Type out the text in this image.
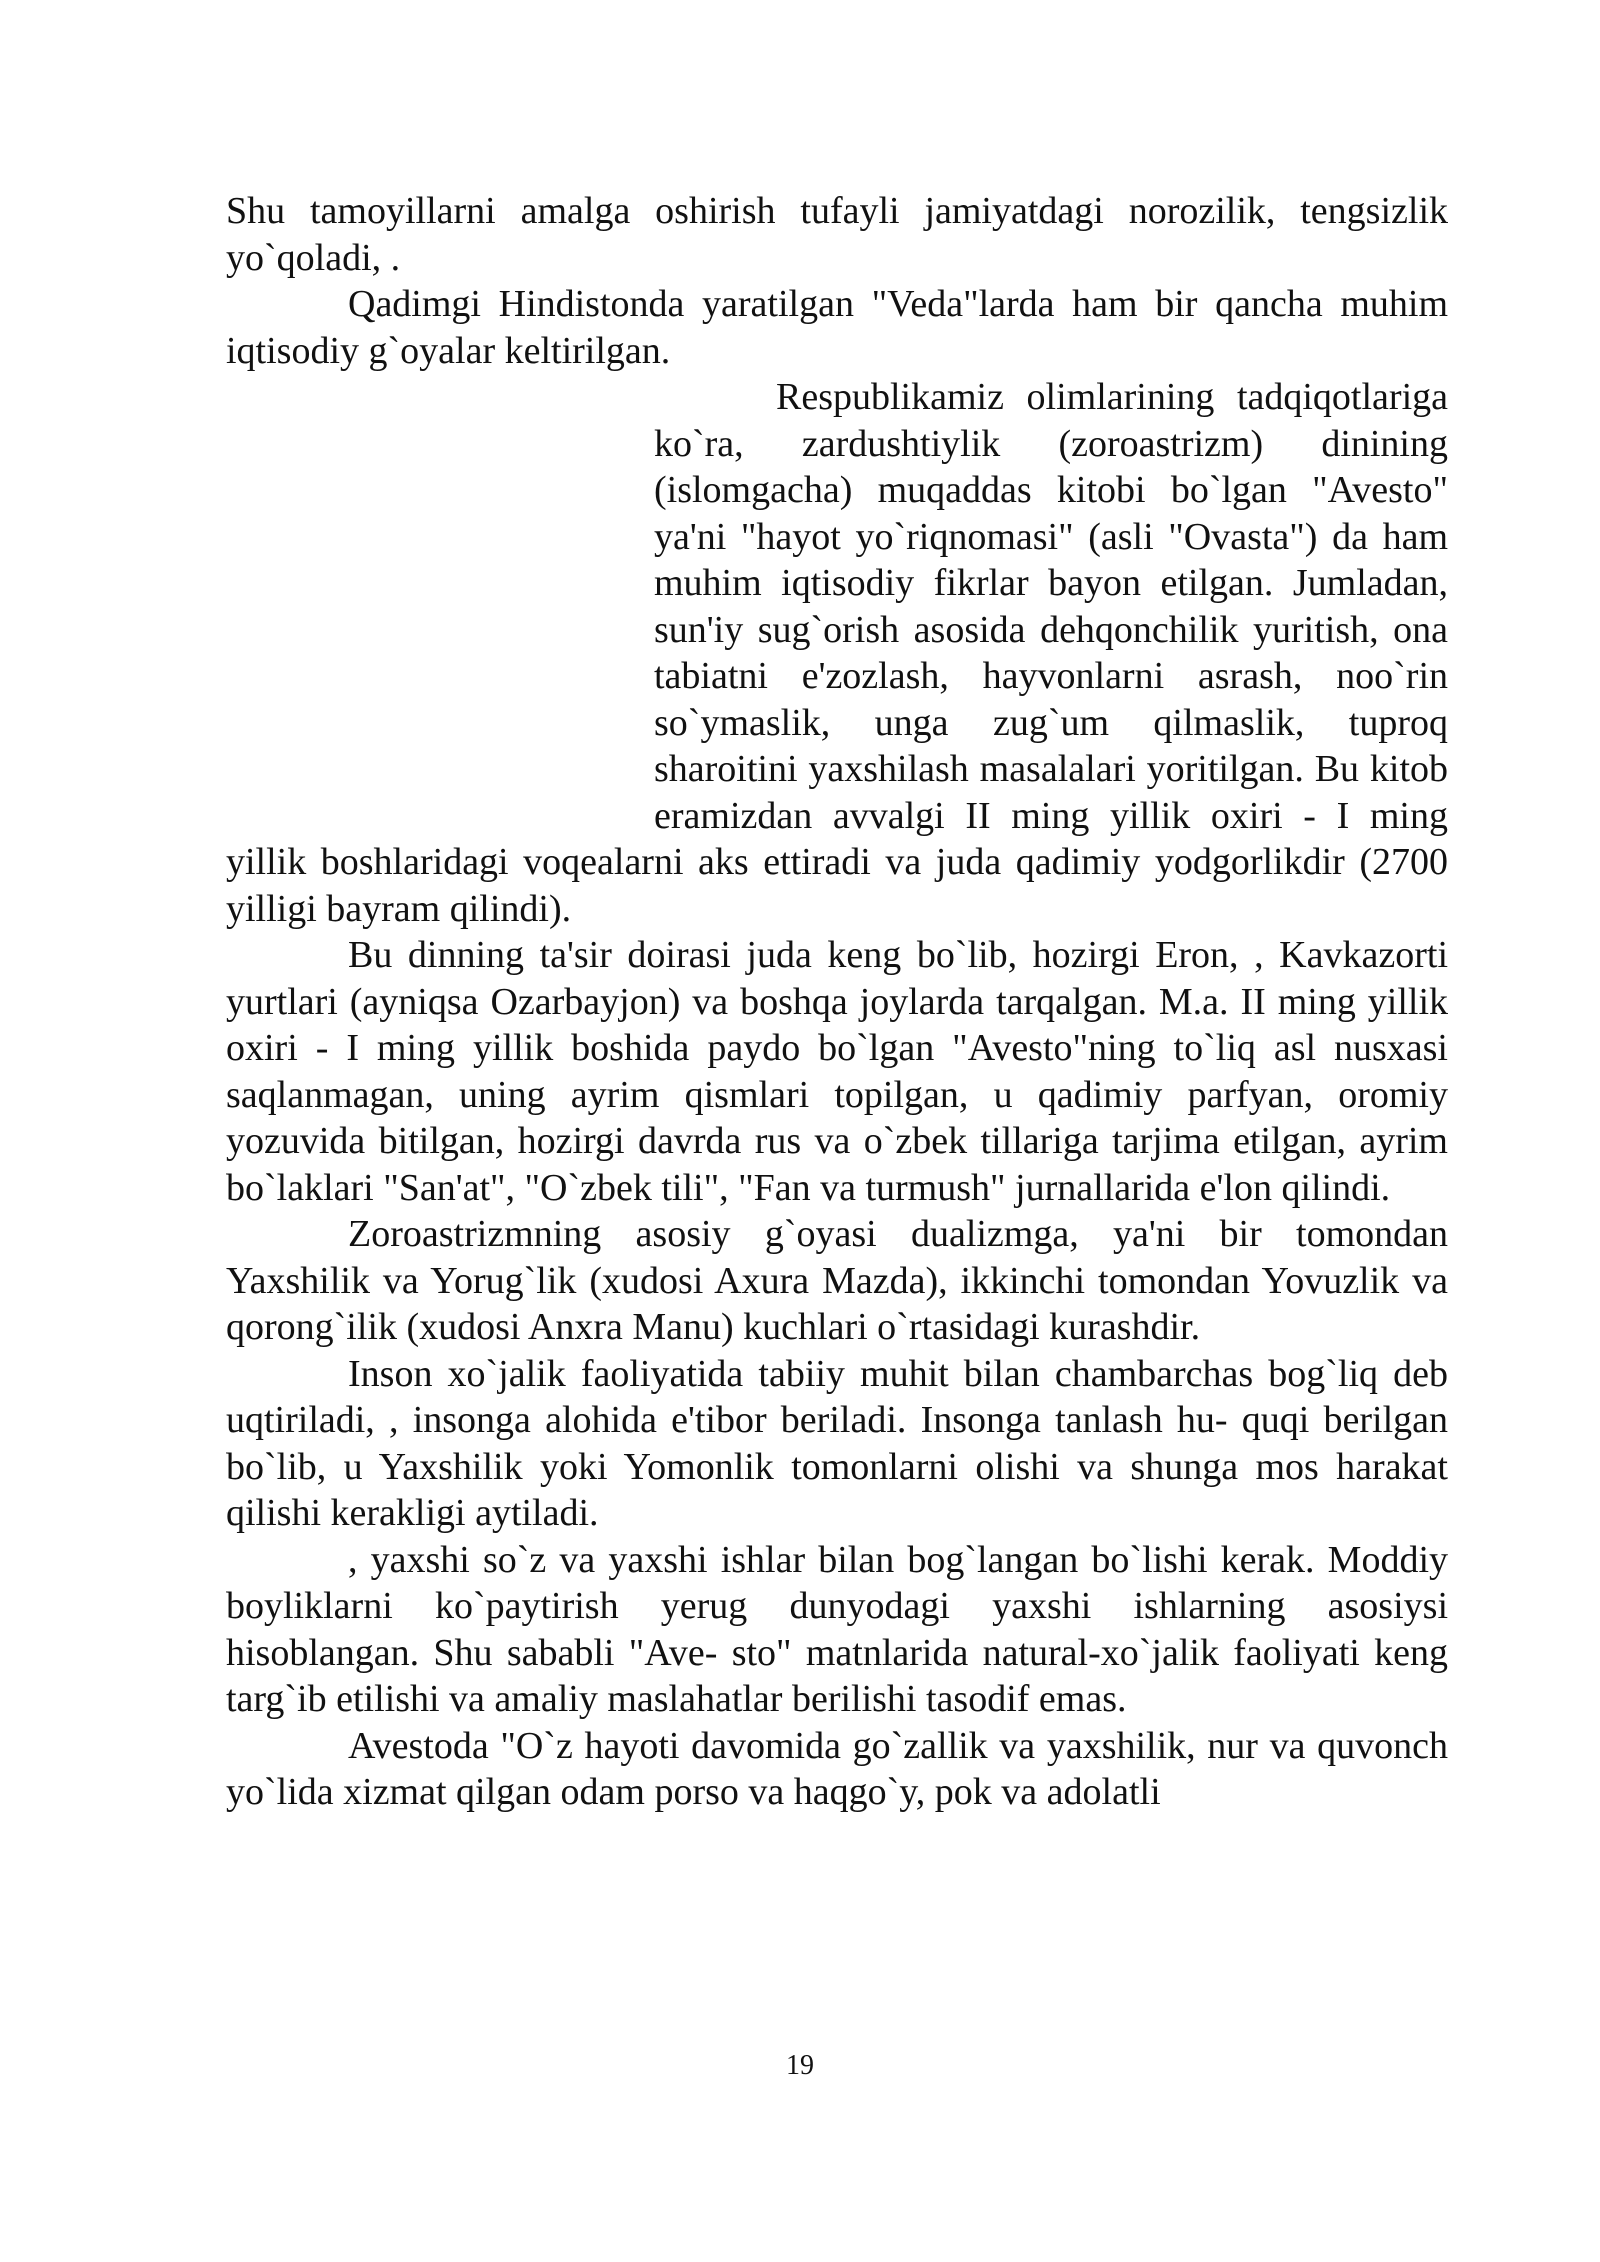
Shu tamoyillarni amalga oshirish tufayli jamiyatdagi norozilik, tengsizlik yo`qoladi, .

Qadimgi Hindistonda yaratilgan "Veda"larda ham bir qancha muhim iqtisodiy g`oyalar keltirilgan.

Respublikamiz olimlarining tadqiqotlariga ko`ra, zardushtiylik (zoroastrizm) dinining (islomgacha) muqaddas kitobi bo`lgan "Avesto" ya'ni "hayot yo`riqnomasi" (asli "Ovasta") da ham muhim iqtisodiy fikrlar bayon etilgan. Jumladan, sun'iy sug`orish asosida dehqonchilik yuritish, ona tabiatni e'zozlash, hayvonlarni asrash, noo`rin so`ymaslik, unga zug`um qilmaslik, tuproq sharoitini yaxshilash masalalari yoritilgan. Bu kitob eramizdan avvalgi II ming yillik oxiri - I ming yillik boshlaridagi voqealarni aks ettiradi va juda qadimiy yodgorlikdir (2700 yilligi bayram qilindi).

Bu dinning ta'sir doirasi juda keng bo`lib, hozirgi Eron, , Kavkazorti yurtlari (ayniqsa Ozarbayjon) va boshqa joylarda tarqalgan. M.a. II ming yillik oxiri - I ming yillik boshida paydo bo`lgan "Avesto"ning to`liq asl nusxasi saqlanmagan, uning ayrim qismlari topilgan, u qadimiy parfyan, oromiy yozuvida bitilgan, hozirgi davrda rus va o`zbek tillariga tarjima etilgan, ayrim bo`laklari "San'at", "O`zbek tili", "Fan va turmush" jurnallarida e'lon qilindi.

Zoroastrizmning asosiy g`oyasi dualizmga, ya'ni bir tomondan Yaxshilik va Yorug`lik (xudosi Axura Mazda), ikkinchi tomondan Yovuzlik va qorong`ilik (xudosi Anxra Manu) kuchlari o`rtasidagi kurashdir.

Inson xo`jalik faoliyatida tabiiy muhit bilan chambarchas bog`liq deb uqtiriladi, , insonga alohida e'tibor beriladi. Insonga tanlash hu- quqi berilgan bo`lib, u Yaxshilik yoki Yomonlik tomonlarni olishi va shunga mos harakat qilishi kerakligi aytiladi.

, yaxshi so`z va yaxshi ishlar bilan bog`langan bo`lishi kerak. Moddiy boyliklarni ko`paytirish yerug dunyodagi yaxshi ishlarning asosiysi hisoblangan. Shu sababli "Ave- sto" matnlarida natural-xo`jalik faoliyati keng targ`ib etilishi va amaliy maslahatlar berilishi tasodif emas.

Avestoda "O`z hayoti davomida go`zallik va yaxshilik, nur va quvonch yo`lida xizmat qilgan odam porso va haqgo`y, pok va adolatli

19
